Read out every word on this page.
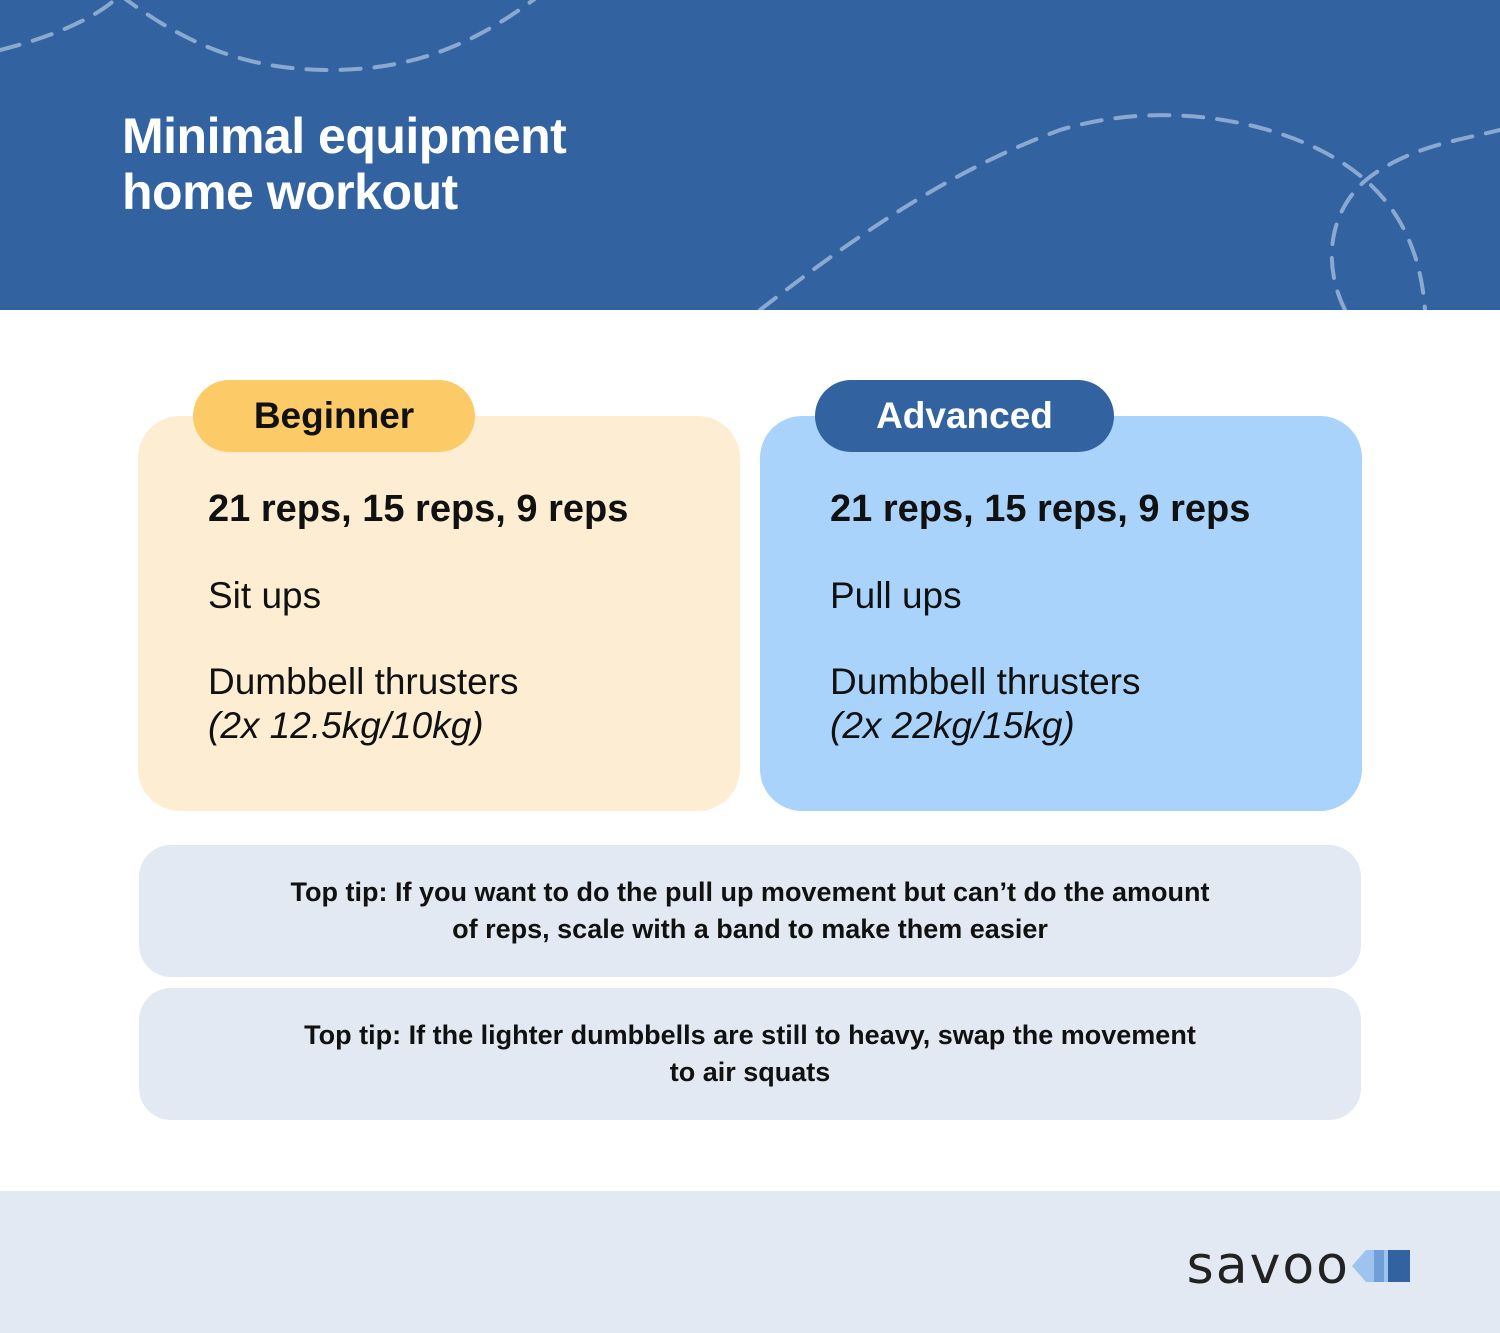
Minimal equipment
home workout

21 reps, 15 reps, 9 reps

Sit ups

Dumbbell thrusters
(2x 12.5kg/10kg)

Beginner

21 reps, 15 reps, 9 reps

Pull ups

Dumbbell thrusters
(2x 22kg/15kg)

Advanced
Top tip: If you want to do the pull up movement but can’t do the amount
of reps, scale with a band to make them easier
Top tip: If the lighter dumbbells are still to heavy, swap the movement
to air squats
savoo
